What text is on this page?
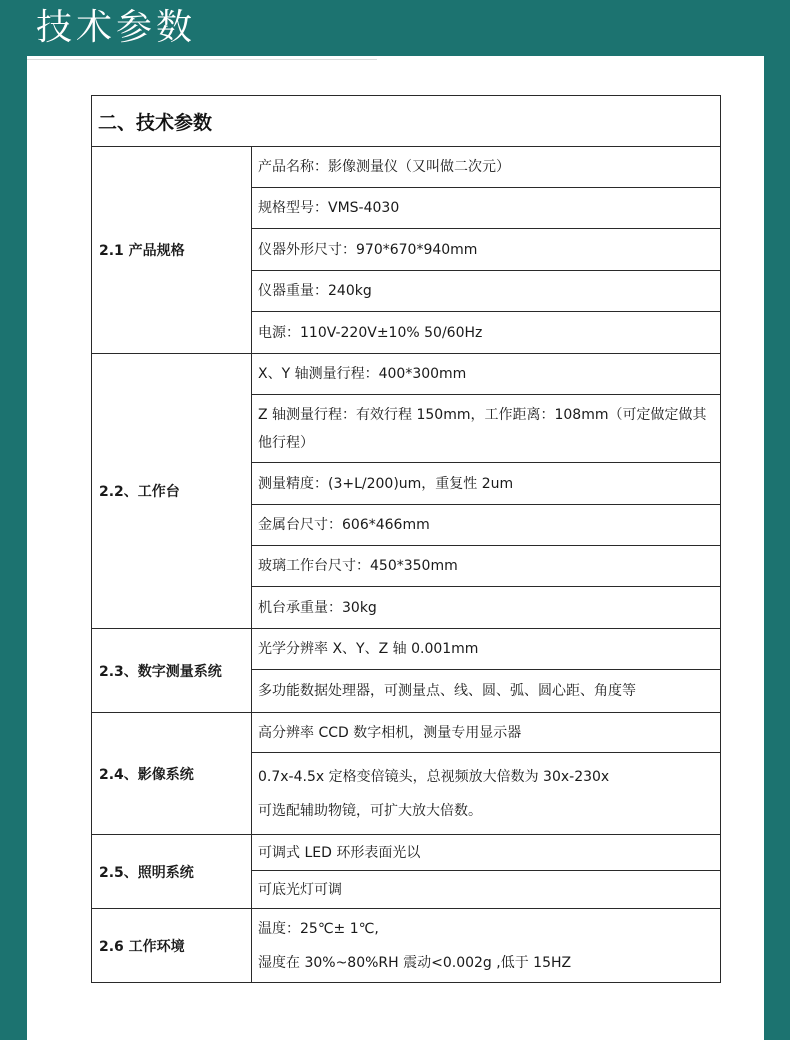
技术参数
二、技术参数	
2.1 产品规格	产品名称：影像测量仪（又叫做二次元）
	规格型号：VMS-4030
	仪器外形尺寸：970*670*940mm
	仪器重量：240kg
	电源：110V-220V±10% 50/60Hz
2.2、工作台	X、Y 轴测量行程：400*300mm
	Z 轴测量行程：有效行程 150mm，工作距离：108mm（可定做定做其他行程）
	测量精度：(3+L/200)um，重复性 2um
	金属台尺寸：606*466mm
	玻璃工作台尺寸：450*350mm
	机台承重量：30kg
2.3、数字测量系统	光学分辨率 X、Y、Z 轴 0.001mm
	多功能数据处理器，可测量点、线、圆、弧、圆心距、角度等
2.4、影像系统	高分辨率 CCD 数字相机，测量专用显示器

	0.7x-4.5x 定格变倍镜头，总视频放大倍数为 30x-230x
可选配辅助物镜，可扩大放大倍数。

2.5、照明系统	可调式 LED 环形表面光以
	可底光灯可调
2.6 工作环境	温度：25℃± 1℃,
湿度在 30%~80%RH 震动<0.002g ,低于 15HZ
